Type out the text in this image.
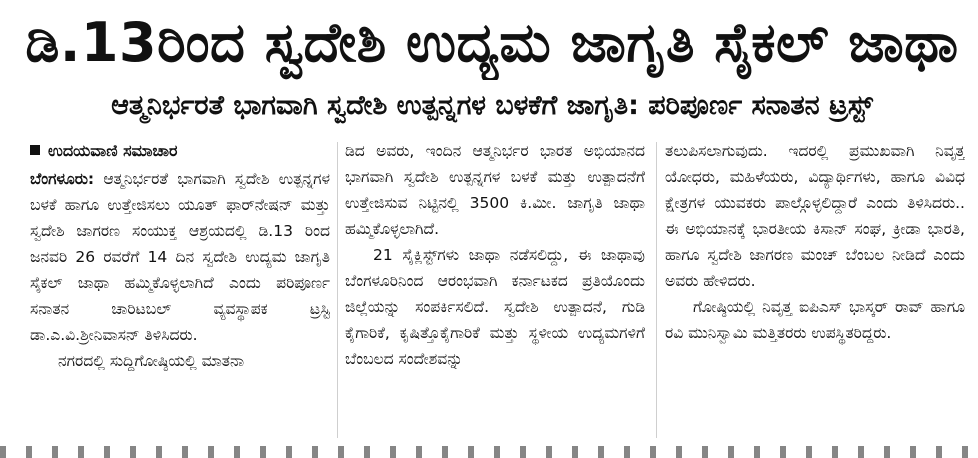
ಡಿ.13ರಿಂದ ಸ್ವದೇಶಿ ಉದ್ಯಮ ಜಾಗೃತಿ ಸೈಕಲ್ ಜಾಥಾ
ಆತ್ಮನಿರ್ಭರತೆ ಭಾಗವಾಗಿ ಸ್ವದೇಶಿ ಉತ್ಪನ್ನಗಳ ಬಳಕೆಗೆ ಜಾಗೃತಿ: ಪರಿಪೂರ್ಣ ಸನಾತನ ಟ್ರಸ್ಟ್
ಉದಯವಾಣಿ ಸಮಾಚಾರ

ಬೆಂಗಳೂರು: ಆತ್ಮನಿರ್ಭರತೆ ಭಾಗವಾಗಿ ಸ್ವದೇಶಿ ಉತ್ಪನ್ನಗಳ ಬಳಕೆ ಹಾಗೂ ಉತ್ತೇಜಿಸಲು ಯೂತ್ ಫಾರ್‌ನೇಷನ್ ಮತ್ತು ಸ್ವದೇಶಿ ಜಾಗರಣ ಸಂಯುಕ್ತ ಆಶ್ರಯದಲ್ಲಿ ಡಿ.13 ರಿಂದ ಜನವರಿ 26 ರವರೆಗೆ 14 ದಿನ ಸ್ವದೇಶಿ ಉದ್ಯಮ ಜಾಗೃತಿ ಸೈಕಲ್ ಜಾಥಾ ಹಮ್ಮಿಕೊಳ್ಳಲಾಗಿದೆ ಎಂದು ಪರಿಪೂರ್ಣ ಸನಾತನ ಚಾರಿಟಬಲ್ ವ್ಯವಸ್ಥಾಪಕ ಟ್ರಸ್ಟಿ ಡಾ.ಎ.ವಿ.ಶ್ರೀನಿವಾಸನ್ ತಿಳಿಸಿದರು.

ನಗರದಲ್ಲಿ ಸುದ್ದಿಗೋಷ್ಠಿಯಲ್ಲಿ ಮಾತನಾ

ಡಿದ ಅವರು, ಇಂದಿನ ಆತ್ಮನಿರ್ಭರ ಭಾರತ ಅಭಿಯಾನದ ಭಾಗವಾಗಿ ಸ್ವದೇಶಿ ಉತ್ಪನ್ನಗಳ ಬಳಕೆ ಮತ್ತು ಉತ್ಪಾದನೆಗೆ ಉತ್ತೇಜಿಸುವ ನಿಟ್ಟಿನಲ್ಲಿ 3500 ಕಿ.ಮೀ. ಜಾಗೃತಿ ಜಾಥಾ ಹಮ್ಮಿಕೊಳ್ಳಲಾಗಿದೆ.

21 ಸೈಕ್ಲಿಸ್ಟ್‌ಗಳು ಜಾಥಾ ನಡೆಸಲಿದ್ದು, ಈ ಜಾಥಾವು ಬೆಂಗಳೂರಿನಿಂದ ಆರಂಭವಾಗಿ ಕರ್ನಾಟಕದ ಪ್ರತಿಯೊಂದು ಜಿಲ್ಲೆಯನ್ನು ಸಂಪರ್ಕಿಸಲಿದೆ. ಸ್ವದೇಶಿ ಉತ್ಪಾದನೆ, ಗುಡಿ ಕೈಗಾರಿಕೆ, ಕೃಷಿತ್ತೊಕೈಗಾರಿಕೆ ಮತ್ತು ಸ್ಥಳೀಯ ಉದ್ಯಮಗಳಿಗೆ ಬೆಂಬಲದ ಸಂದೇಶವನ್ನು

ತಲುಪಿಸಲಾಗುವುದು. ಇದರಲ್ಲಿ ಪ್ರಮುಖವಾಗಿ ನಿವೃತ್ತ ಯೋಧರು, ಮಹಿಳೆಯರು, ವಿದ್ಯಾರ್ಥಿಗಳು, ಹಾಗೂ ವಿವಿಧ ಕ್ಷೇತ್ರಗಳ ಯುವಕರು ಪಾಲ್ಗೊಳ್ಳಲಿದ್ದಾರೆ ಎಂದು ತಿಳಿಸಿದರು.. ಈ ಅಭಿಯಾನಕ್ಕೆ ಭಾರತೀಯ ಕಿಸಾನ್ ಸಂಘ, ಕ್ರೀಡಾ ಭಾರತಿ, ಹಾಗೂ ಸ್ವದೇಶಿ ಜಾಗರಣ ಮಂಚ್ ಬೆಂಬಲ ನೀಡಿದೆ ಎಂದು ಅವರು ಹೇಳಿದರು.

ಗೋಷ್ಠಿಯಲ್ಲಿ ನಿವೃತ್ತ ಐಪಿಎಸ್ ಭಾಸ್ಕರ್ ರಾವ್ ಹಾಗೂ ರವಿ ಮುನಿಸ್ವಾಮಿ ಮತ್ತಿತರರು ಉಪಸ್ಥಿತರಿದ್ದರು.
